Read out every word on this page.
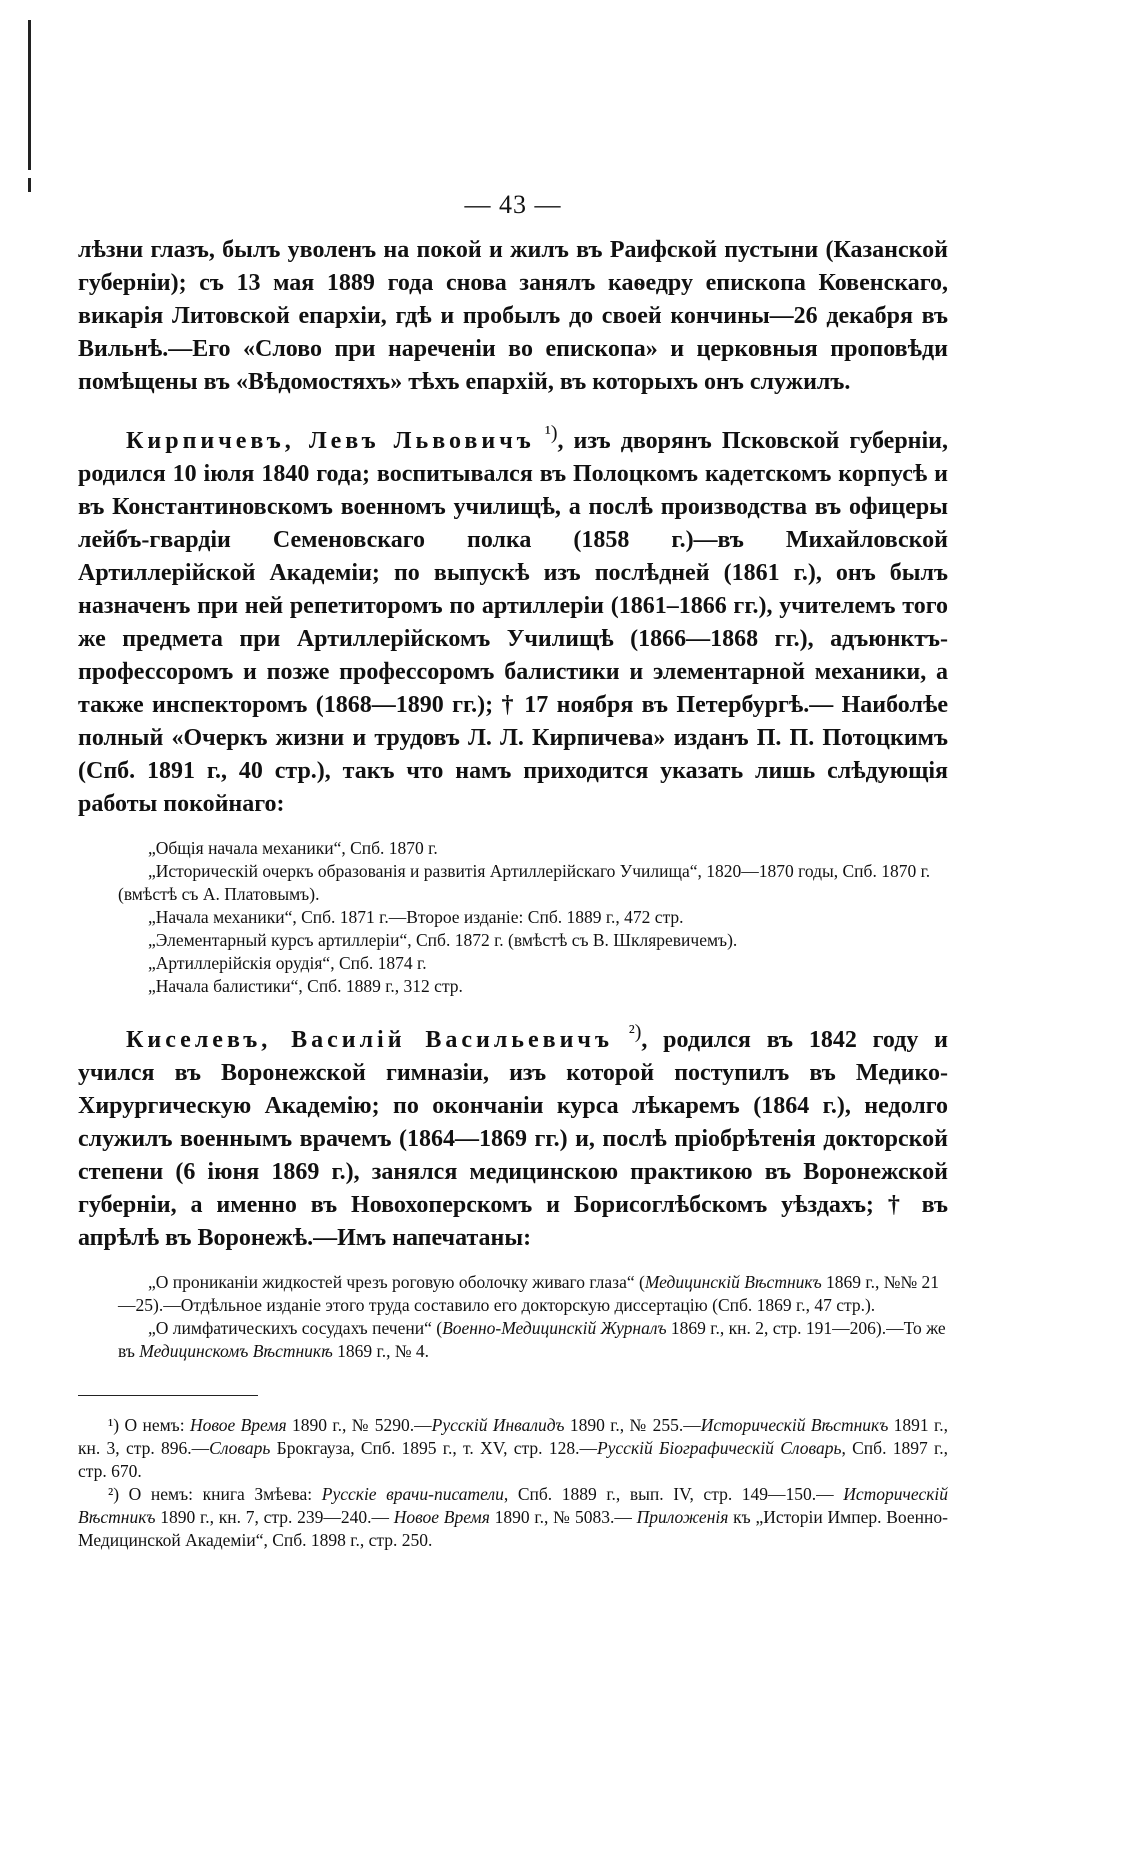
— 43 —

лѣзни глазъ, былъ уволенъ на покой и жилъ въ Раифской пустыни (Казанской губерніи); съ 13 мая 1889 года снова занялъ каѳедру епископа Ковенскаго, викарія Литовской епархіи, гдѣ и пробылъ до своей кончины—26 декабря въ Вильнѣ.—Его «Слово при нареченіи во епископа» и церковныя проповѣди помѣщены въ «Вѣдомостяхъ» тѣхъ епархій, въ которыхъ онъ служилъ.

Кирпичевъ, Левъ Львовичъ $^{^1)}$, изъ дворянъ Псковской губерніи, родился 10 іюля 1840 года; воспитывался въ Полоцкомъ кадетскомъ корпусѣ и въ Константиновскомъ военномъ училищѣ, а послѣ производства въ офицеры лейбъ-гвардіи Семеновскаго полка (1858 г.)—въ Михайловской Артиллерійской Академіи; по выпускѣ изъ послѣдней (1861 г.), онъ былъ назначенъ при ней репетиторомъ по артиллеріи (1861–1866 гг.), учителемъ того же предмета при Артиллерійскомъ Училищѣ (1866—1868 гг.), адъюнктъ-профессоромъ и позже профессоромъ балистики и элементарной механики, а также инспекторомъ (1868—1890 гг.); † 17 ноября въ Петербургѣ.— Наиболѣе полный «Очеркъ жизни и трудовъ Л. Л. Кирпичева» изданъ П. П. Потоцкимъ (Спб. 1891 г., 40 стр.), такъ что намъ приходится указать лишь слѣдующія работы покойнаго:

„Общія начала механики“, Спб. 1870 г.
„Историческій очеркъ образованія и развитія Артиллерійскаго Училища“, 1820—1870 годы, Спб. 1870 г. (вмѣстѣ съ А. Платовымъ).
„Начала механики“, Спб. 1871 г.—Второе изданіе: Спб. 1889 г., 472 стр.
„Элементарный курсъ артиллеріи“, Спб. 1872 г. (вмѣстѣ съ В. Шкляревичемъ).
„Артиллерійскія орудія“, Спб. 1874 г.
„Начала балистики“, Спб. 1889 г., 312 стр.

Киселевъ, Василій Васильевичъ $^{^2)}$, родился въ 1842 году и учился въ Воронежской гимназіи, изъ которой поступилъ въ Медико-Хирургическую Академію; по окончаніи курса лѣкаремъ (1864 г.), недолго служилъ военнымъ врачемъ (1864—1869 гг.) и, послѣ пріобрѣтенія докторской степени (6 іюня 1869 г.), занялся медицинскою практикою въ Воронежской губерніи, а именно въ Новохоперскомъ и Борисоглѣбскомъ уѣздахъ; † въ апрѣлѣ въ Воронежѣ.—Имъ напечатаны:

„О прониканіи жидкостей чрезъ роговую оболочку живаго глаза“ (Медицинскій Вѣстникъ 1869 г., №№ 21—25).—Отдѣльное изданіе этого труда составило его докторскую диссертацію (Спб. 1869 г., 47 стр.).
„О лимфатическихъ сосудахъ печени“ (Военно-Медицинскій Журналъ 1869 г., кн. 2, стр. 191—206).—То же въ Медицинскомъ Вѣстникѣ 1869 г., № 4.

¹) О немъ: Новое Время 1890 г., № 5290.—Русскій Инвалидъ 1890 г., № 255.—Историческій Вѣстникъ 1891 г., кн. 3, стр. 896.—Словарь Брокгауза, Спб. 1895 г., т. XV, стр. 128.—Русскій Біографическій Словарь, Спб. 1897 г., стр. 670.

²) О немъ: книга Змѣева: Русскіе врачи-писатели, Спб. 1889 г., вып. IV, стр. 149—150.— Историческій Вѣстникъ 1890 г., кн. 7, стр. 239—240.— Новое Время 1890 г., № 5083.— Приложенія къ „Исторіи Импер. Военно-Медицинской Академіи“, Спб. 1898 г., стр. 250.
